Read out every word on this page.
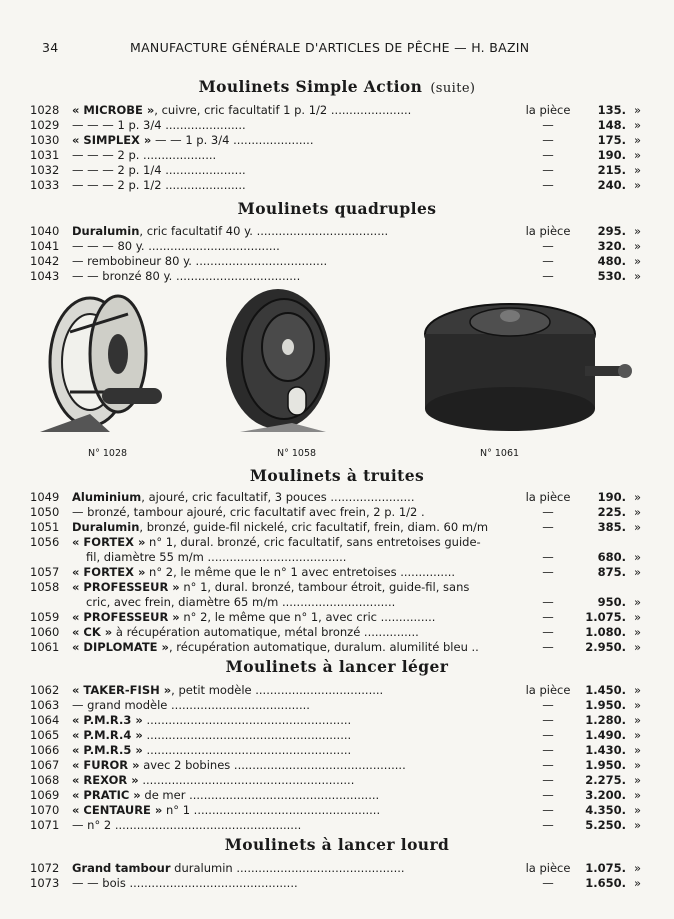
34	MANUFACTURE GÉNÉRALE D'ARTICLES DE PÊCHE — H. BAZIN
Moulinets Simple Action (suite)
Moulinets quadruples
N° 1028	N° 1058	N° 1061
Moulinets à truites
Moulinets à lancer léger
Moulinets à lancer lourd
1028 « MICROBE », cuivre, cric facultatif 1 p. 1/2 ......................	la pièce	135. »
1029 — — — 1 p. 3/4 ......................	—	148. »
1030 « SIMPLEX » — — 1 p. 3/4 ......................	—	175. »
1031 — — — 2 p. ....................	—	190. »
1032 — — — 2 p. 1/4 ......................	—	215. »
1033 — — — 2 p. 1/2 ......................	—	240. »
1040 Duralumin, cric facultatif 40 y. ....................................	la pièce	295. »
1041 — — — 80 y. ....................................	—	320. »
1042 — rembobineur 80 y. ....................................	—	480. »
1043 — — bronzé 80 y. ..................................	—	530. »
1049 Aluminium, ajouré, cric facultatif, 3 pouces .......................	la pièce	190. »
1050 — bronzé, tambour ajouré, cric facultatif avec frein, 2 p. 1/2 .	—	225. »
1051 Duralumin, bronzé, guide-fil nickelé, cric facultatif, frein, diam. 60 m/m	—	385. »
1056 « FORTEX » n° 1, dural. bronzé, cric facultatif, sans entretoises guide-
fil, diamètre 55 m/m ......................................	—	680. »
1057 « FORTEX » n° 2, le même que le n° 1 avec entretoises ...............	—	875. »
1058 « PROFESSEUR » n° 1, dural. bronzé, tambour étroit, guide-fil, sans
cric, avec frein, diamètre 65 m/m ...............................	—	950. »
1059 « PROFESSEUR » n° 2, le même que n° 1, avec cric ...............	—	1.075. »
1060 « CK » à récupération automatique, métal bronzé ...............	—	1.080. »
1061 « DIPLOMATE », récupération automatique, duralum. alumilité bleu ..	—	2.950. »
1062 « TAKER-FISH », petit modèle ...................................	la pièce	1.450. »
1063 — grand modèle ......................................	—	1.950. »
1064 « P.M.R.3 » ........................................................	—	1.280. »
1065 « P.M.R.4 » ........................................................	—	1.490. »
1066 « P.M.R.5 » ........................................................	—	1.430. »
1067 « FUROR » avec 2 bobines ...............................................	—	1.950. »
1068 « REXOR » ..........................................................	—	2.275. »
1069 « PRATIC » de mer ....................................................	—	3.200. »
1070 « CENTAURE » n° 1 ...................................................	—	4.350. »
1071 — n° 2 ...................................................	—	5.250. »
1072 Grand tambour duralumin ..............................................	la pièce	1.075. »
1073 — — bois ..............................................	—	1.650. »
